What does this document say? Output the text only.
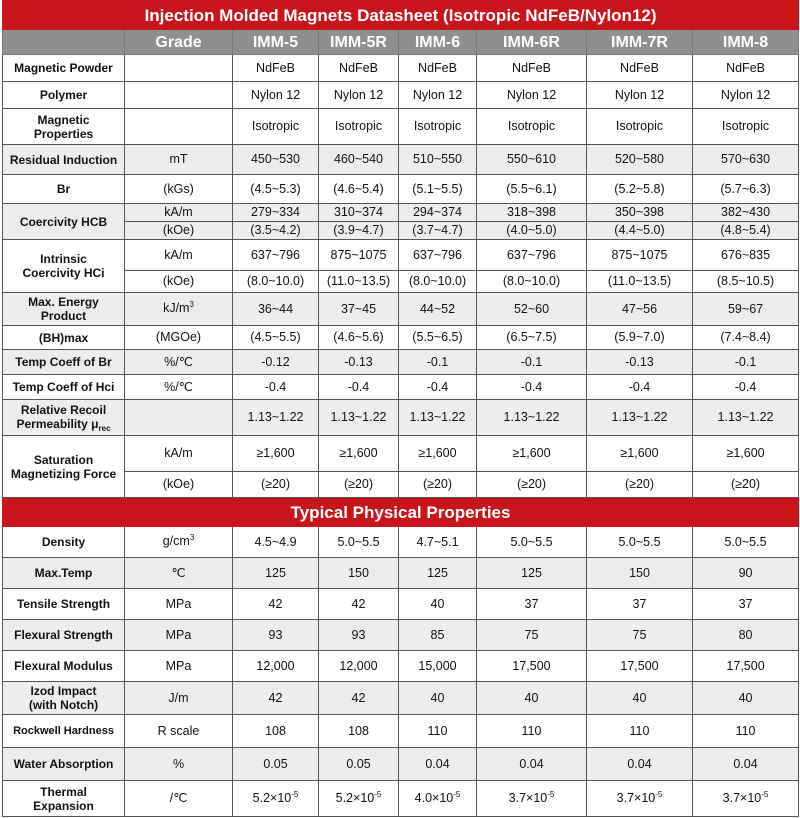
Injection Molded Magnets Datasheet (Isotropic NdFeB/Nylon12)							
	Grade	IMM-5	IMM-5R	IMM-6	IMM-6R	IMM-7R	IMM-8
Magnetic Powder		NdFeB	NdFeB	NdFeB	NdFeB	NdFeB	NdFeB
Polymer		Nylon 12	Nylon 12	Nylon 12	Nylon 12	Nylon 12	Nylon 12
Magnetic
Properties		Isotropic	Isotropic	Isotropic	Isotropic	Isotropic	Isotropic
Residual Induction	mT	450~530	460~540	510~550	550~610	520~580	570~630
Br	(kGs)	(4.5~5.3)	(4.6~5.4)	(5.1~5.5)	(5.5~6.1)	(5.2~5.8)	(5.7~6.3)
Coercivity HCB	kA/m	279~334	310~374	294~374	318~398	350~398	382~430
	(kOe)	(3.5~4.2)	(3.9~4.7)	(3.7~4.7)	(4.0~5.0)	(4.4~5.0)	(4.8~5.4)
Intrinsic
Coercivity HCi	kA/m	637~796	875~1075	637~796	637~796	875~1075	676~835
	(kOe)	(8.0~10.0)	(11.0~13.5)	(8.0~10.0)	(8.0~10.0)	(11.0~13.5)	(8.5~10.5)
Max. Energy
Product	$kJ/m^3$	36~44	37~45	44~52	52~60	47~56	59~67
(BH)max	(MGOe)	(4.5~5.5)	(4.6~5.6)	(5.5~6.5)	(6.5~7.5)	(5.9~7.0)	(7.4~8.4)
Temp Coeff of Br	%/℃	-0.12	-0.13	-0.1	-0.1	-0.13	-0.1
Temp Coeff of Hci	%/℃	-0.4	-0.4	-0.4	-0.4	-0.4	-0.4
Relative Recoil
Permeability $\mu_{rec}$		1.13~1.22	1.13~1.22	1.13~1.22	1.13~1.22	1.13~1.22	1.13~1.22
Saturation
Magnetizing Force	kA/m	≥1,600	≥1,600	≥1,600	≥1,600	≥1,600	≥1,600
	(kOe)	(≥20)	(≥20)	(≥20)	(≥20)	(≥20)	(≥20)
Typical Physical Properties							
Density	$g/cm^3$	4.5~4.9	5.0~5.5	4.7~5.1	5.0~5.5	5.0~5.5	5.0~5.5
Max.Temp	℃	125	150	125	125	150	90
Tensile Strength	MPa	42	42	40	37	37	37
Flexural Strength	MPa	93	93	85	75	75	80
Flexural Modulus	MPa	12,000	12,000	15,000	17,500	17,500	17,500
Izod Impact
(with Notch)	J/m	42	42	40	40	40	40
Rockwell Hardness	R scale	108	108	110	110	110	110
Water Absorption	%	0.05	0.05	0.04	0.04	0.04	0.04
Thermal
Expansion	/℃	$5.2\times 10^{-5}$	$5.2\times 10^{-5}$	$4.0\times 10^{-5}$	$3.7\times 10^{-5}$	$3.7\times 10^{-5}$	$3.7\times 10^{-5}$
